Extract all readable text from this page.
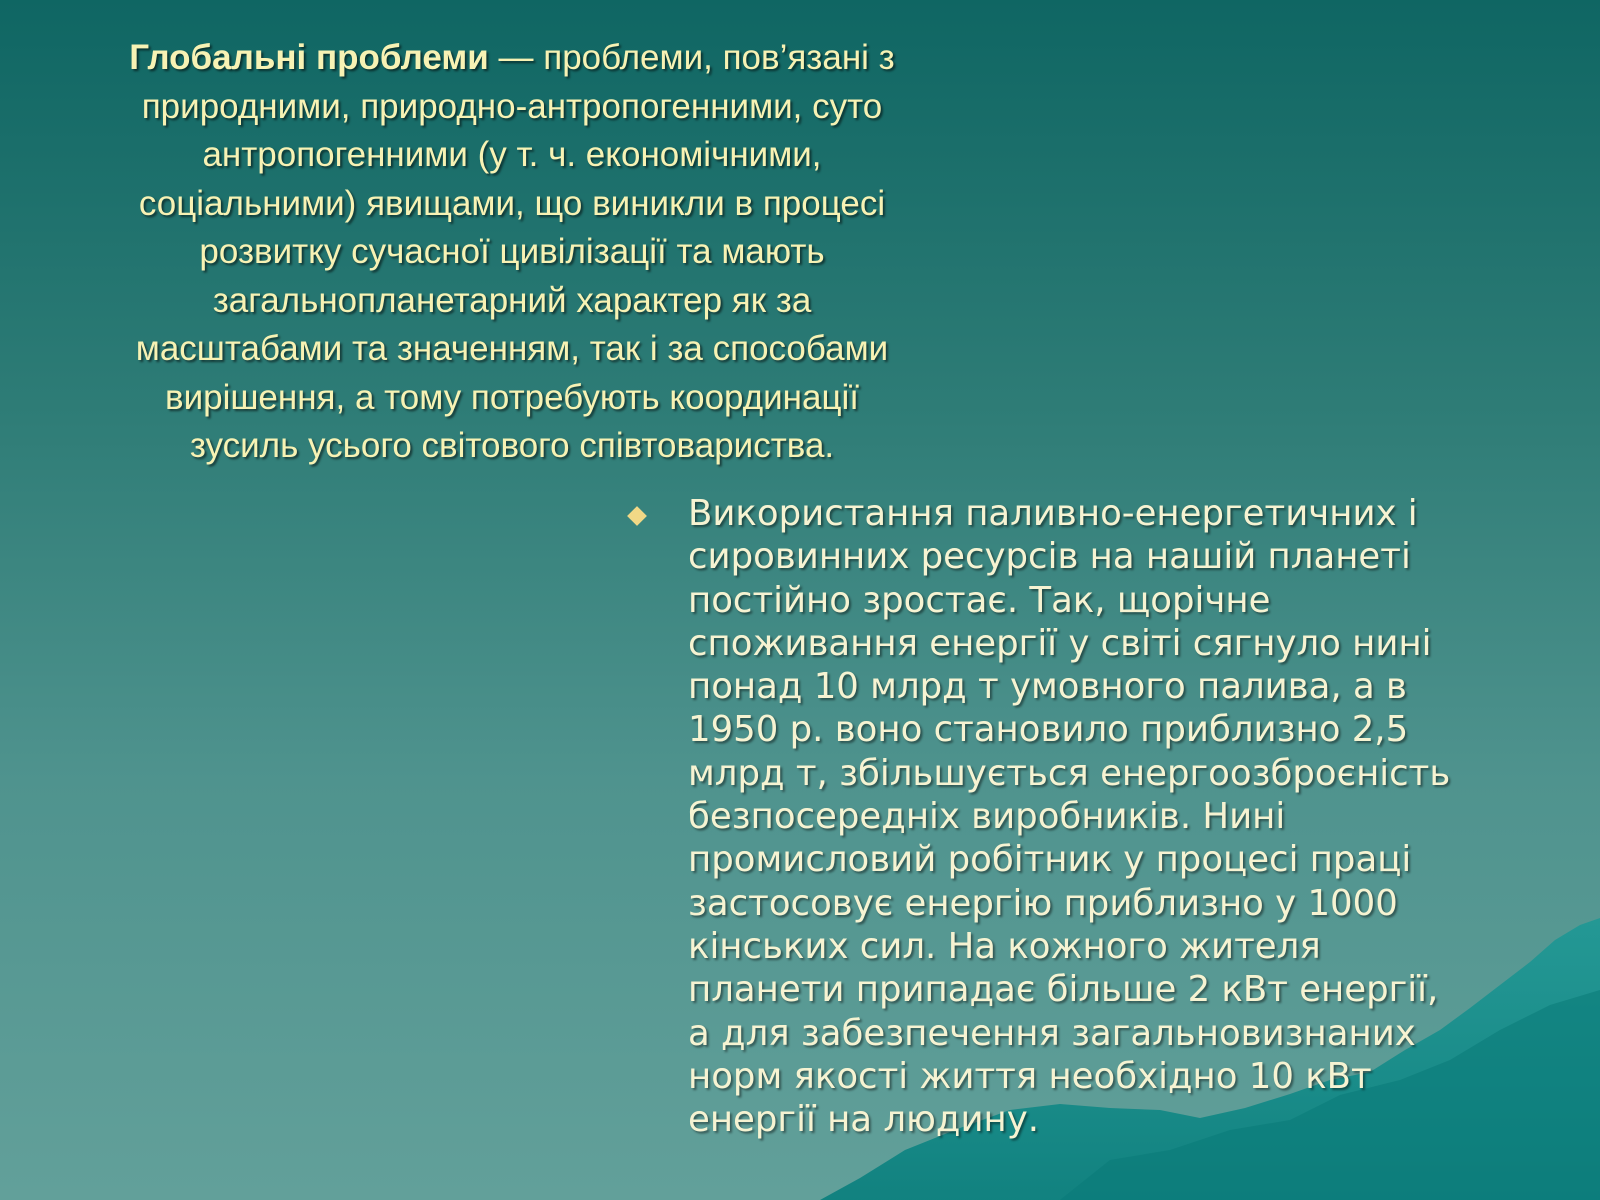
Глобальні проблеми — проблеми, пов’язані з
природними, природно-антропогенними, суто
антропогенними (у т. ч. економічними,
соціальними) явищами, що виникли в процесі
розвитку сучасної цивілізації та мають
загальнопланетарний характер як за
масштабами та значенням, так і за способами
вирішення, а тому потребують координації
зусиль усього світового співтовариства.
Використання паливно-енергетичних і
сировинних ресурсів на нашій планеті
постійно зростає. Так, щорічне
споживання енергії у світі сягнуло нині
понад 10 млрд т умовного палива, а в
1950 р. воно становило приблизно 2,5
млрд т, збільшується енергоозброєність
безпосередніх виробників. Нині
промисловий робітник у процесі праці
застосовує енергію приблизно у 1000
кінських сил. На кожного жителя
планети припадає більше 2 кВт енергії,
а для забезпечення загальновизнаних
норм якості життя необхідно 10 кВт
енергії на людину.
